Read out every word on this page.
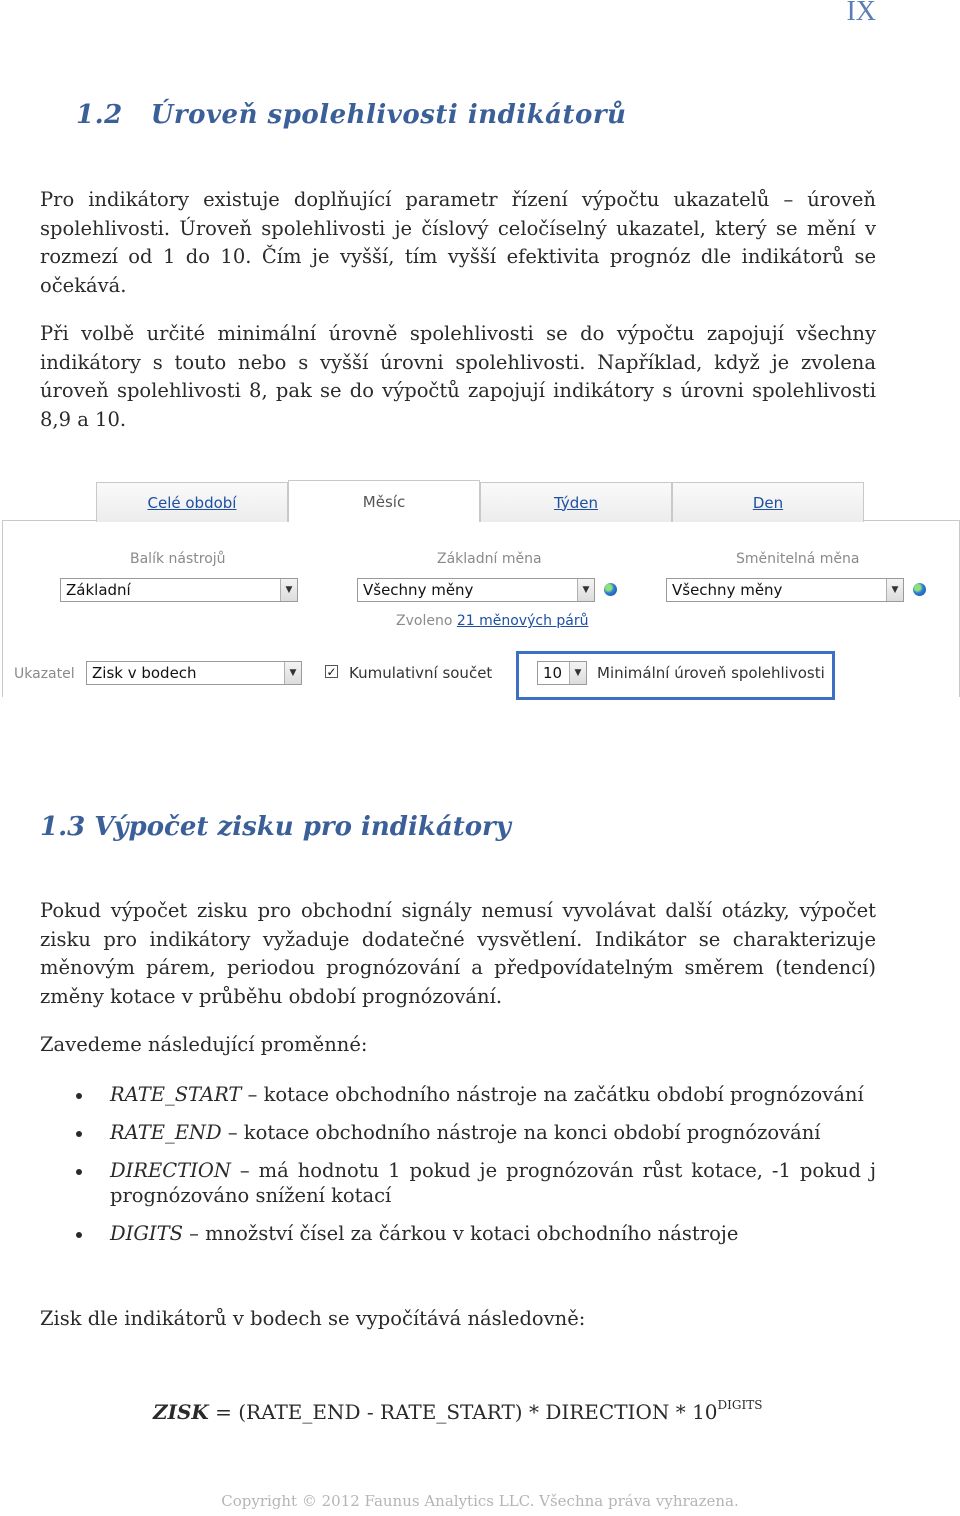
IX
1.2 Úroveň spolehlivosti indikátorů
Pro indikátory existuje doplňující parametr řízení výpočtu ukazatelů – úroveň spolehlivosti. Úroveň spolehlivosti je číslový celočíselný ukazatel, který se mění v rozmezí od 1 do 10. Čím je vyšší, tím vyšší efektivita prognóz dle indikátorů se očekává.
Při volbě určité minimální úrovně spolehlivosti se do výpočtu zapojují všechny indikátory s touto nebo s vyšší úrovni spolehlivosti. Například, když je zvolena úroveň spolehlivosti 8, pak se do výpočtů zapojují indikátory s úrovni spolehlivosti 8,9 a 10.
Celé období	Měsíc	Týden	Den
Balík nástrojů	Základní měna	Směnitelná měna
Základní	▼	Všechny měny	▼	Všechny měny	▼
Zvoleno 21 měnových párů
Ukazatel	Zisk v bodech	▼	✓ Kumulativní součet	10	▼	Minimální úroveň spolehlivosti
1.3 Výpočet zisku pro indikátory
Pokud výpočet zisku pro obchodní signály nemusí vyvolávat další otázky, výpočet zisku pro indikátory vyžaduje dodatečné vysvětlení. Indikátor se charakterizuje měnovým párem, periodou prognózování a předpovídatelným směrem (tendencí) změny kotace v průběhu období prognózování.
Zavedeme následující proměnné:
RATE_START – kotace obchodního nástroje na začátku období prognózování
RATE_END – kotace obchodního nástroje na konci období prognózování
DIRECTION – má hodnotu 1 pokud je prognózován růst kotace, -1 pokud j prognózováno snížení kotací
DIGITS – množství čísel za čárkou v kotaci obchodního nástroje
Zisk dle indikátorů v bodech se vypočítává následovně:
ZISK = (RATE_END - RATE_START) * DIRECTION * $10^{DIGITS}$
Copyright © 2012 Faunus Analytics LLC. Všechna práva vyhrazena.
